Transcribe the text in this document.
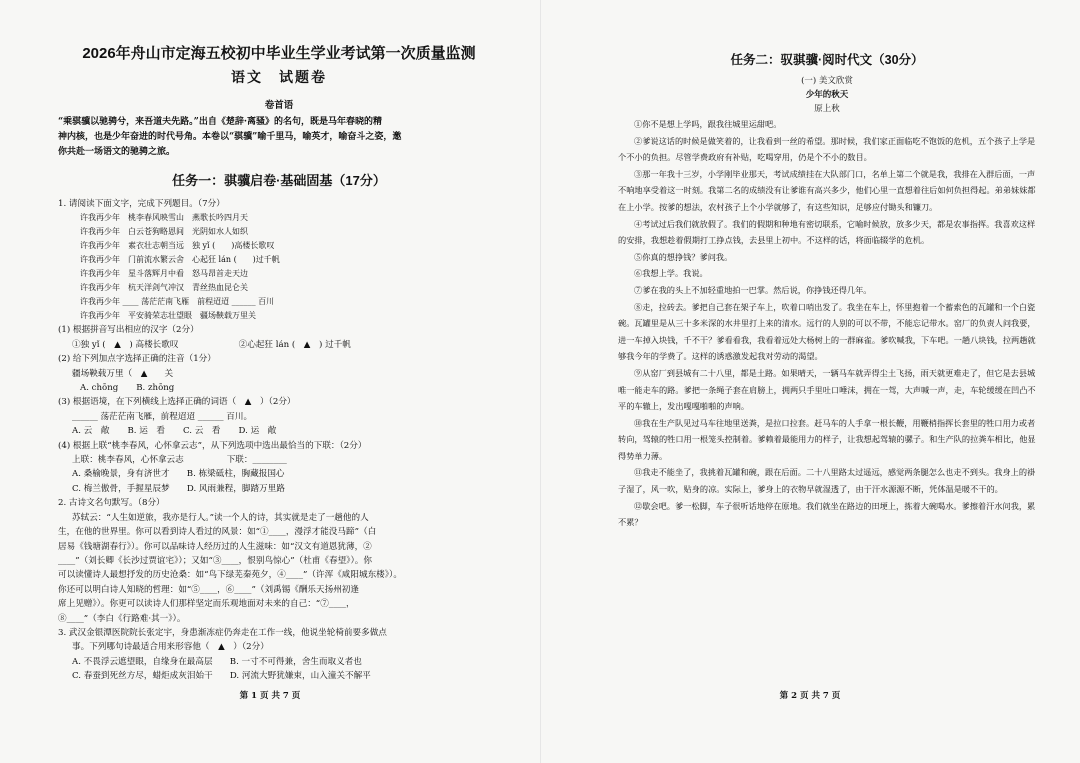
2026年舟山市定海五校初中毕业生学业考试第一次质量监测
语文　试题卷
卷首语

“乘骐骥以驰骋兮，来吾道夫先路。”出自《楚辞·离骚》的名句，既是马年春晓的精

神内核，也是少年奋进的时代号角。本卷以“骐骥”喻千里马，喻英才，喻奋斗之姿，邀

你共赴一场语文的驰骋之旅。

任务一：骐骥启卷·基础固基（17分）

1. 请阅读下面文字，完成下列题目。（7分）

许我再少年　桃李春风映雪山　燕歌长吟四月天

许我再少年　白云苍狗略恩间　光阴如水人如织

许我再少年　素衣壮志朝当远　独 yǐ (　　)高楼长歌叹

许我再少年　门前流水繁云舍　心起狂 lán (　　)过千帆

许我再少年　星斗落辉月中看　怒马昂首走天边

许我再少年　杭天洋剑气冲汉　青丝热血昆仑关

许我再少年 ____ 荡茫茫南飞雁　前程迢迢 ______ 百川

许我再少年　平安骑荣志壮望眼　疆场鞅载万里关

(1) 根据拼音写出相应的汉字（2分）

①独 yǐ (　▲　) 高楼长歌叹　　　　　　　②心起狂 lán (　▲　) 过千帆

(2) 给下列加点字选择正确的注音（1分）

疆场鞅载万里（　▲　　关

A. chōng B. zhōng

(3) 根据语境，在下列横线上选择正确的词语（　▲　）（2分）

______ 荡茫茫南飞雁，前程迢迢 ______ 百川。

A. 云　敞 B. 运　看 C. 云　看 D. 运　敞

(4) 根据上联“桃李春风，心怀拿云志”，从下列选项中选出最恰当的下联：（2分）

上联：桃李春风，心怀拿云志　　　　　下联：________

A. 桑榆晚景，身有济世才　　B. 栋梁砥柱，胸藏报国心

C. 梅兰傲骨，手握星辰梦　　D. 风雨兼程，脚踏万里路

2. 古诗文名句默写。（8分）

苏轼云：“人生如逆旅，我亦是行人。”读一个人的诗，其实就是走了一趟他的人

生，在他的世界里。你可以看到诗人看过的风景：如“①____，漫浮才能没马蹄”（白

居易《钱塘湖春行》）。你可以品味诗人经历过的人生滋味：如“汉文有道恩犹薄，②

____”（刘长卿《长沙过贾谊宅》）；又如“③____，恨别鸟惊心”（杜甫《春望》）。你

可以读懂诗人最想抒发的历史沧桑：如“鸟下绿芜秦苑夕，④____”（许浑《咸阳城东楼》）。

你还可以明白诗人知晓的哲理：如“⑤____，⑥____”（刘禹锡《酬乐天扬州初逢

席上见赠》）。你更可以读诗人们那样坚定而乐观地面对未来的自己：“⑦____，

⑧____”（李白《行路难·其一》）。

3. 武汉金银潭医院院长张定宇，身患渐冻症仍奔走在工作一线，他说坐轮椅前要多做点

事。下列哪句诗最适合用来形容他（　▲　）（2分）

A. 不畏浮云遮望眼，自缘身在最高层　　B. 一寸不可得兼，舍生而取义者也

C. 春蚕到死丝方尽，蜡炬成灰泪始干　　D. 河流大野犹嫌束，山入潼关不解平

第 1 页 共 7 页
任务二：驭骐骥·阅时代文（30分）
(一) 美文欣赏
少年的秋天
原上秋

①你不是想上学吗，跟我往城里运甜吧。

②爹说这话的时候是做笑着的，让我看到一丝的希望。那时候，我们家正面临吃不饱饭的危机，五个孩子上学是个不小的负担。尽管学费政府有补贴，吃喝穿用，仍是个不小的数目。

③那一年我十三岁，小学刚毕业那天，考试成绩挂在大队部门口，名单上第二个就是我，我排在入群后面，一声不响地享受着这一时刻。我第二名的成绩没有让爹谁有高兴多少，他们心里一直想着往后如何负担得起。弟弟妹妹都在上小学。按爹的想法，农村孩子上个小学就够了，有这些知识，足够应付锄头和镰刀。

④考试过后我们就放假了。我们的假期和种地有密切联系，它喻时候放，放多少天，都是农事指挥。我喜欢这样的安排，我想趁着假期打工挣点钱，去县里上初中。不这样的话，将面临辍学的危机。

⑤你真的想挣钱？爹问我。

⑥我想上学。我说。

⑦爹在我的头上不加轻重地拍一巴掌。然后说，你挣钱还得几年。

⑧走，拉砖去。爹把自己套在架子车上，吹着口哨出发了。我坐在车上，怀里抱着一个蓄索色的瓦罐和一个白瓷碗。瓦罐里是从三十多米深的水井里打上来的清水。远行的人别的可以不带，不能忘记带水。窑厂的负责人问我要，进一车掉入块钱，千不干？爹看看我，我看着远处大杨树上的一群麻雀。爹吹喊我，下车吧。一趟八块钱，拉两趟就够我今年的学费了。这样的诱惑激发起我对劳动的渴望。

⑨从窑厂到县城有二十八里，都是土路。如果晴天，一辆马车就弄得尘土飞扬，雨天就更难走了，但它是去县城唯一能走车的路。爹把一条绳子套在肩膀上，拥两只手里吐口唾沫，拥在一驾，大声喊一声，走，车轮缓缓在凹凸不平的车辙上，发出嘎嘎啪啪的声响。

⑩我在生产队见过马车往地里送粪，是拉口拉套。赶马车的人手拿一根长鞭，用鞭梢指挥长套里的牲口用力或者转向，驾辕的牲口用一根笼头控制着。爹赖着最能用力的样子，让我想起驾辕的骡子。和生产队的拉粪车相比，他显得势单力薄。

⑪我走不能坐了，我挑着瓦罐和碗，跟在后面。二十八里路太过遥远，感觉两条腿怎么也走不到头。我身上的褂子湿了，风一吹，贴身的凉。实际上，爹身上的衣物早就湿透了，由于汗水源源不断，凭体温是暖不干的。

⑫歇会吧。爹一松脚，车子很听话地停在原地。我们就坐在路边的田埂上，拣着大碗喝水。爹擦着汗水问我，累不累？

第 2 页 共 7 页
